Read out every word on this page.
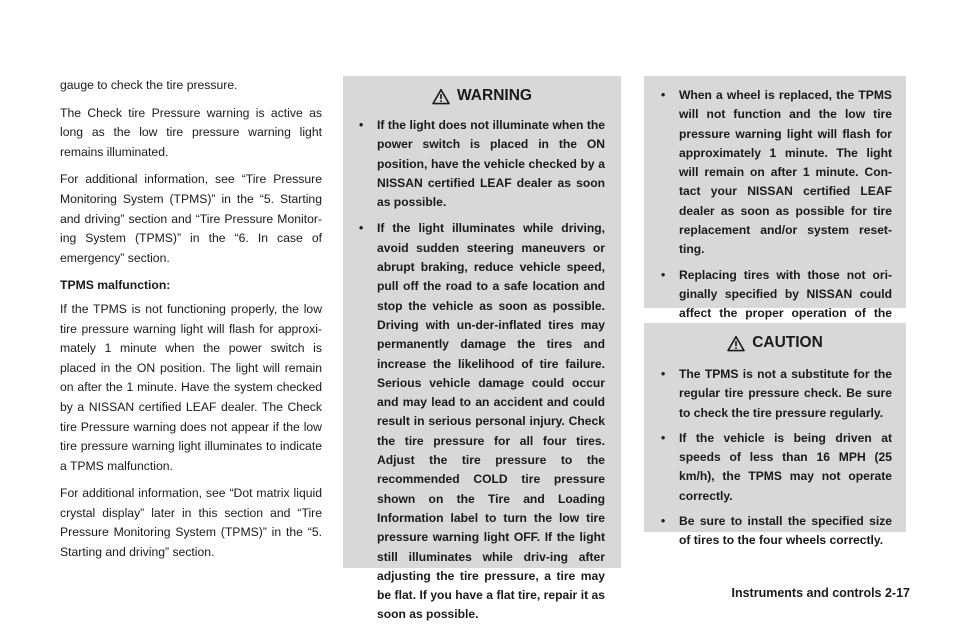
gauge to check the tire pressure.

The Check tire Pressure warning is active as long as the low tire pressure warning light remains illuminated.

For additional information, see “Tire Pressure Monitoring System (TPMS)” in the “5. Starting and driving” section and “Tire Pressure Monitor-ing System (TPMS)” in the “6. In case of emergency” section.

TPMS malfunction:

If the TPMS is not functioning properly, the low tire pressure warning light will flash for approxi-mately 1 minute when the power switch is placed in the ON position. The light will remain on after the 1 minute. Have the system checked by a NISSAN certified LEAF dealer. The Check tire Pressure warning does not appear if the low tire pressure warning light illuminates to indicate a TPMS malfunction.

For additional information, see “Dot matrix liquid crystal display” later in this section and “Tire Pressure Monitoring System (TPMS)” in the “5. Starting and driving” section.

WARNING
• If the light does not illuminate when the power switch is placed in the ON position, have the vehicle checked by a NISSAN certified LEAF dealer as soon as possible.
• If the light illuminates while driving, avoid sudden steering maneuvers or abrupt braking, reduce vehicle speed, pull off the road to a safe location and stop the vehicle as soon as possible. Driving with un-der-inflated tires may permanently damage the tires and increase the likelihood of tire failure. Serious vehicle damage could occur and may lead to an accident and could result in serious personal injury. Check the tire pressure for all four tires. Adjust the tire pressure to the recommended COLD tire pressure shown on the Tire and Loading Information label to turn the low tire pressure warning light OFF. If the light still illuminates while driv-ing after adjusting the tire pressure, a tire may be flat. If you have a flat tire, repair it as soon as possible.
• When a wheel is replaced, the TPMS will not function and the low tire pressure warning light will flash for approximately 1 minute. The light will remain on after 1 minute. Con-tact your NISSAN certified LEAF dealer as soon as possible for tire replacement and/or system reset-ting.
• Replacing tires with those not ori-ginally specified by NISSAN could affect the proper operation of the
CAUTION
• The TPMS is not a substitute for the regular tire pressure check. Be sure to check the tire pressure regularly.
• If the vehicle is being driven at speeds of less than 16 MPH (25 km/h), the TPMS may not operate correctly.
• Be sure to install the specified size of tires to the four wheels correctly.
Instruments and controls 2-17
